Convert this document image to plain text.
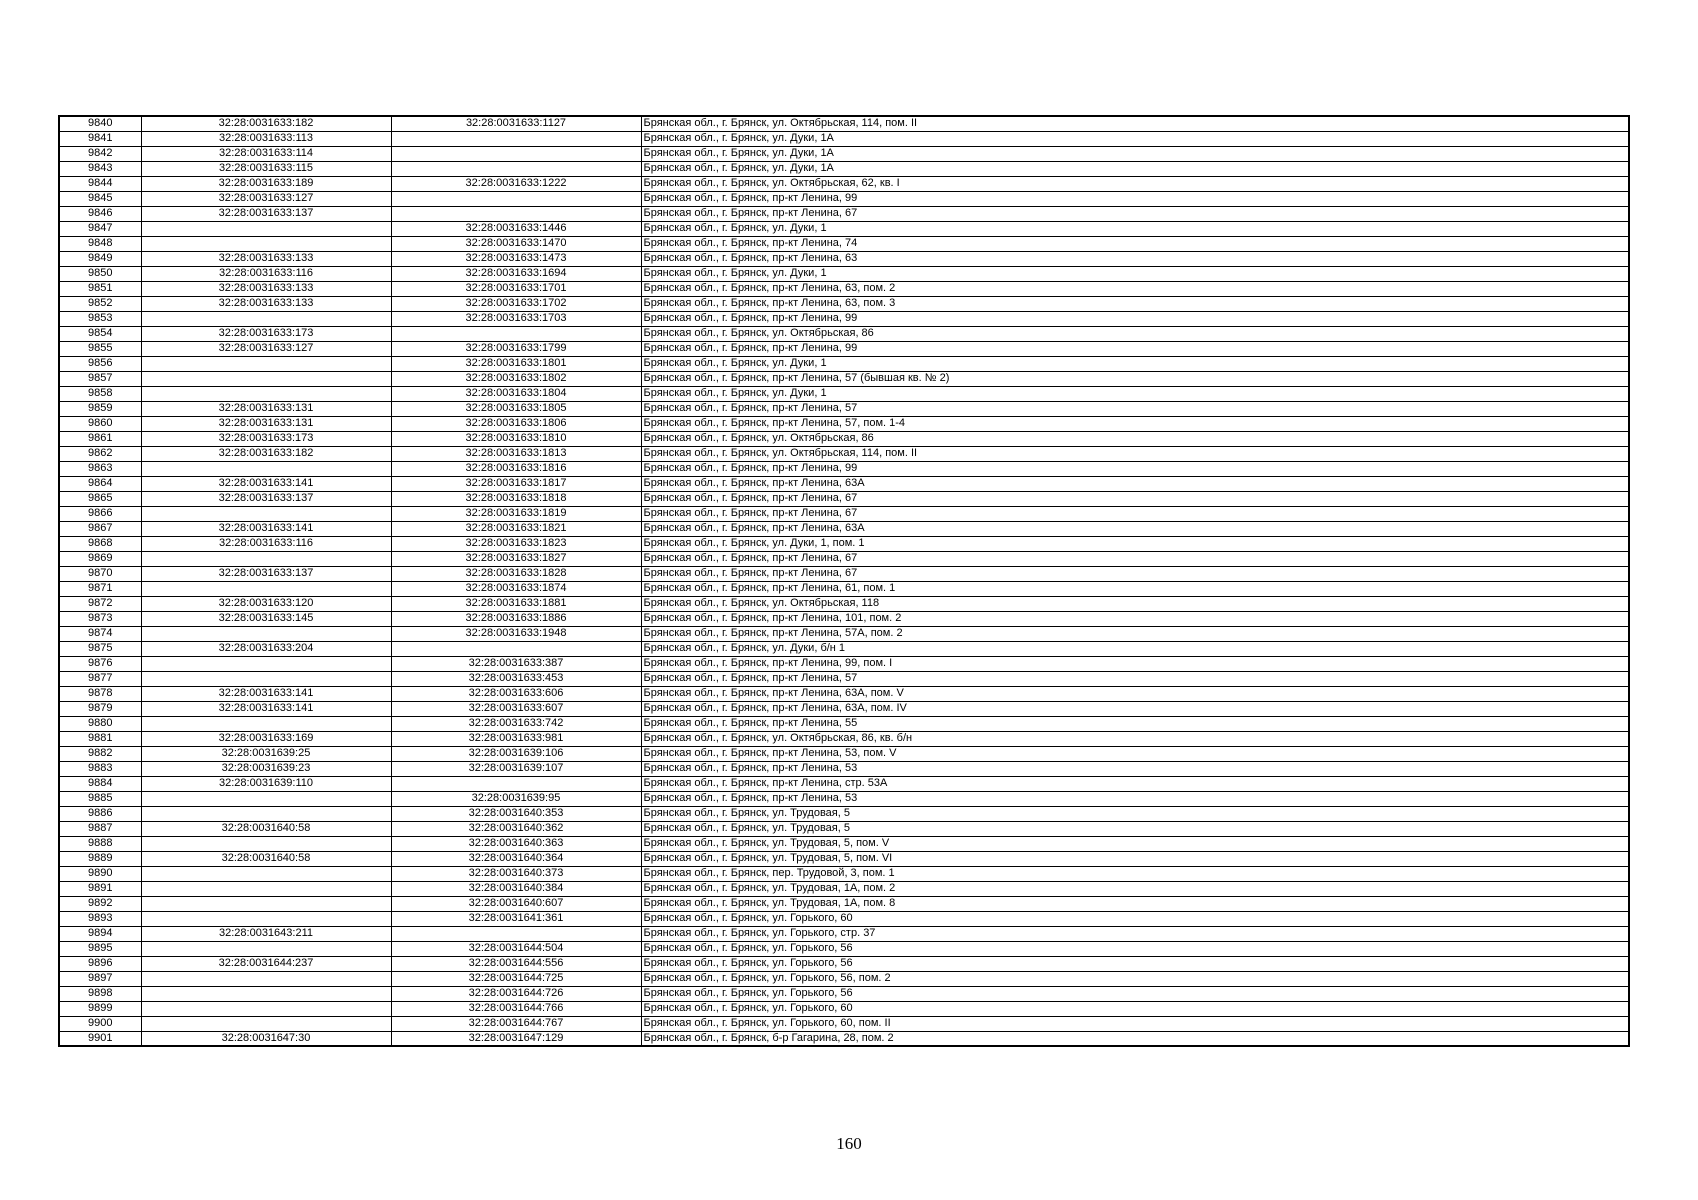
9840	32:28:0031633:182	32:28:0031633:1127	Брянская обл., г. Брянск, ул. Октябрьская, 114, пом. II
9841	32:28:0031633:113		Брянская обл., г. Брянск, ул. Дуки, 1А
9842	32:28:0031633:114		Брянская обл., г. Брянск, ул. Дуки, 1А
9843	32:28:0031633:115		Брянская обл., г. Брянск, ул. Дуки, 1А
9844	32:28:0031633:189	32:28:0031633:1222	Брянская обл., г. Брянск, ул. Октябрьская, 62, кв. I
9845	32:28:0031633:127		Брянская обл., г. Брянск, пр-кт Ленина, 99
9846	32:28:0031633:137		Брянская обл., г. Брянск, пр-кт Ленина, 67
9847		32:28:0031633:1446	Брянская обл., г. Брянск, ул. Дуки, 1
9848		32:28:0031633:1470	Брянская обл., г. Брянск, пр-кт Ленина, 74
9849	32:28:0031633:133	32:28:0031633:1473	Брянская обл., г. Брянск, пр-кт Ленина, 63
9850	32:28:0031633:116	32:28:0031633:1694	Брянская обл., г. Брянск, ул. Дуки, 1
9851	32:28:0031633:133	32:28:0031633:1701	Брянская обл., г. Брянск, пр-кт Ленина, 63, пом. 2
9852	32:28:0031633:133	32:28:0031633:1702	Брянская обл., г. Брянск, пр-кт Ленина, 63, пом. 3
9853		32:28:0031633:1703	Брянская обл., г. Брянск, пр-кт Ленина, 99
9854	32:28:0031633:173		Брянская обл., г. Брянск, ул. Октябрьская, 86
9855	32:28:0031633:127	32:28:0031633:1799	Брянская обл., г. Брянск, пр-кт Ленина, 99
9856		32:28:0031633:1801	Брянская обл., г. Брянск, ул. Дуки, 1
9857		32:28:0031633:1802	Брянская обл., г. Брянск, пр-кт Ленина, 57 (бывшая кв. № 2)
9858		32:28:0031633:1804	Брянская обл., г. Брянск, ул. Дуки, 1
9859	32:28:0031633:131	32:28:0031633:1805	Брянская обл., г. Брянск, пр-кт Ленина, 57
9860	32:28:0031633:131	32:28:0031633:1806	Брянская обл., г. Брянск, пр-кт Ленина, 57, пом. 1-4
9861	32:28:0031633:173	32:28:0031633:1810	Брянская обл., г. Брянск, ул. Октябрьская, 86
9862	32:28:0031633:182	32:28:0031633:1813	Брянская обл., г. Брянск, ул. Октябрьская, 114, пом. II
9863		32:28:0031633:1816	Брянская обл., г. Брянск, пр-кт Ленина, 99
9864	32:28:0031633:141	32:28:0031633:1817	Брянская обл., г. Брянск, пр-кт Ленина, 63А
9865	32:28:0031633:137	32:28:0031633:1818	Брянская обл., г. Брянск, пр-кт Ленина, 67
9866		32:28:0031633:1819	Брянская обл., г. Брянск, пр-кт Ленина, 67
9867	32:28:0031633:141	32:28:0031633:1821	Брянская обл., г. Брянск, пр-кт Ленина, 63А
9868	32:28:0031633:116	32:28:0031633:1823	Брянская обл., г. Брянск, ул. Дуки, 1, пом. 1
9869		32:28:0031633:1827	Брянская обл., г. Брянск, пр-кт Ленина, 67
9870	32:28:0031633:137	32:28:0031633:1828	Брянская обл., г. Брянск, пр-кт Ленина, 67
9871		32:28:0031633:1874	Брянская обл., г. Брянск, пр-кт Ленина, 61, пом. 1
9872	32:28:0031633:120	32:28:0031633:1881	Брянская обл., г. Брянск, ул. Октябрьская, 118
9873	32:28:0031633:145	32:28:0031633:1886	Брянская обл., г. Брянск, пр-кт Ленина, 101, пом. 2
9874		32:28:0031633:1948	Брянская обл., г. Брянск, пр-кт Ленина, 57А, пом. 2
9875	32:28:0031633:204		Брянская обл., г. Брянск, ул. Дуки, б/н 1
9876		32:28:0031633:387	Брянская обл., г. Брянск, пр-кт Ленина, 99, пом. I
9877		32:28:0031633:453	Брянская обл., г. Брянск, пр-кт Ленина, 57
9878	32:28:0031633:141	32:28:0031633:606	Брянская обл., г. Брянск, пр-кт Ленина, 63А, пом. V
9879	32:28:0031633:141	32:28:0031633:607	Брянская обл., г. Брянск, пр-кт Ленина, 63А, пом. IV
9880		32:28:0031633:742	Брянская обл., г. Брянск, пр-кт Ленина, 55
9881	32:28:0031633:169	32:28:0031633:981	Брянская обл., г. Брянск, ул. Октябрьская, 86, кв. б/н
9882	32:28:0031639:25	32:28:0031639:106	Брянская обл., г. Брянск, пр-кт Ленина, 53, пом. V
9883	32:28:0031639:23	32:28:0031639:107	Брянская обл., г. Брянск, пр-кт Ленина, 53
9884	32:28:0031639:110		Брянская обл., г. Брянск, пр-кт Ленина, стр. 53А
9885		32:28:0031639:95	Брянская обл., г. Брянск, пр-кт Ленина, 53
9886		32:28:0031640:353	Брянская обл., г. Брянск, ул. Трудовая, 5
9887	32:28:0031640:58	32:28:0031640:362	Брянская обл., г. Брянск, ул. Трудовая, 5
9888		32:28:0031640:363	Брянская обл., г. Брянск, ул. Трудовая, 5, пом. V
9889	32:28:0031640:58	32:28:0031640:364	Брянская обл., г. Брянск, ул. Трудовая, 5, пом. VI
9890		32:28:0031640:373	Брянская обл., г. Брянск, пер. Трудовой, 3, пом. 1
9891		32:28:0031640:384	Брянская обл., г. Брянск, ул. Трудовая, 1А, пом. 2
9892		32:28:0031640:607	Брянская обл., г. Брянск, ул. Трудовая, 1А, пом. 8
9893		32:28:0031641:361	Брянская обл., г. Брянск, ул. Горького, 60
9894	32:28:0031643:211		Брянская обл., г. Брянск, ул. Горького, стр. 37
9895		32:28:0031644:504	Брянская обл., г. Брянск, ул. Горького, 56
9896	32:28:0031644:237	32:28:0031644:556	Брянская обл., г. Брянск, ул. Горького, 56
9897		32:28:0031644:725	Брянская обл., г. Брянск, ул. Горького, 56, пом. 2
9898		32:28:0031644:726	Брянская обл., г. Брянск, ул. Горького, 56
9899		32:28:0031644:766	Брянская обл., г. Брянск, ул. Горького, 60
9900		32:28:0031644:767	Брянская обл., г. Брянск, ул. Горького, 60, пом. II
9901	32:28:0031647:30	32:28:0031647:129	Брянская обл., г. Брянск, б-р Гагарина, 28, пом. 2
160
